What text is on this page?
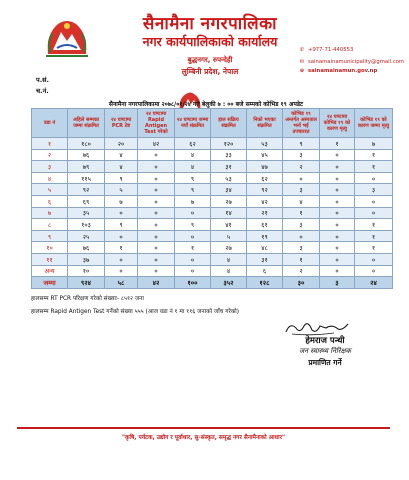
सैनामैना नगरपालिका
नगर कार्यपालिकाको कार्यालय
बुद्धनगर, रुपन्देही
लुम्बिनी प्रदेश, नेपाल
✆ +977-71-440553
✉ sainamainamunicipality@gmail.com
⊕ sainamainamun.gov.np
प.सं.
च.नं.
सैनामैना नगरपालिकामा २०७८/०१/२४ गते बेलुकी ७ : ०० बजे सम्मको कोभिड १९ अपडेट
वडा नं	अहिले सम्मका जम्मा संक्रमित	२४ घण्टामा PCR टेष्ट	२४ घण्टामा Rapid Antigen Test गरेको	२४ घण्टामा जम्मा नयाँ संक्रमित	हाल सक्रिय संक्रमित	निको भएका संक्रमित	कोभिड १९ अन्तर्गत अस्पताल भर्ना भई उपचाररत	२४ घण्टामा कोभिड १९ को कारण मृत्यु	कोभिड १९ को कारण जम्मा मृत्यु
१	१८०	२०	४२	६२	१२०	५३	९	१	७
२	७६	४	०	४	३३	४५	३	०	१
३	७९	४	०	४	३१	४७	२	०	१
४	११५	९	०	९	५३	६२	०	०	०
५	९२	५	०	९	३४	९२	३	०	३
६	६९	७	०	७	२७	४२	४	०	०
७	३५	०	०	०	१४	२१	१	०	०
८	१०३	९	०	९	४१	६१	३	०	१
९	२५	०	०	०	५	१९	०	०	१
१०	७६	१	०	१	२७	४८	३	०	१
११	३७	०	०	०	४	३१	१	०	०
अन्य	१०	०	०	०	४	६	२	०	०
जम्मा	९२४	५८	४२	१००	३५२	१२८	३०	३	२४
हालसम्म RT PCR परिक्षण गरेको संख्याः- ८५१२ जना
हालसम्म Rapid Antigen Test गर्नेको संख्या ५५५ (आज वडा नं १ मा ११६ जनाको जाँच गरेको)
हेमराज पन्थी
जन स्वास्थ्य निरिक्षक
प्रमाणित गर्ने
"कृषि, पर्यटक, उद्योग र पूर्वाधार, सु-संस्कृत, समृद्ध नगर सैनामैनाको आधार"
